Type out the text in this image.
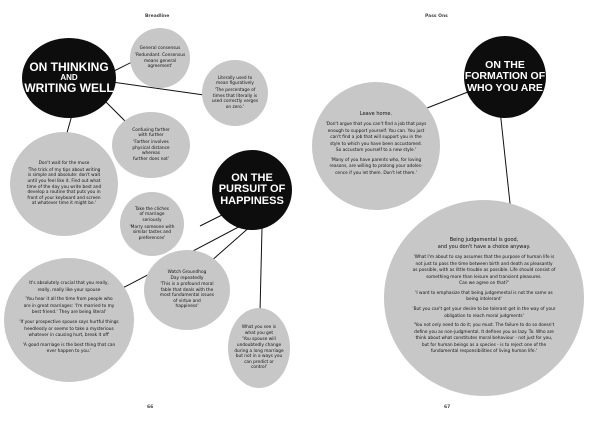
Breadline	Pass Ons
66	67
ON THINKING
AND
WRITING WELL
General consensus
'Redundant. Consensus
means general
agreement'
Literally used to
mean figuratively
'The percentage of
times that literally is
used correctly verges
on zero.'
Confusing farther
with further
'Farther involves
physical distance
whereas
further does not'
Don't wait for the muse
'The trick of my tips about writing
is simple and absolute: don't wait
until you feel like it. Find out what
time of the day you write best and
develop a routine that puts you in
front of your keyboard and screen
at whatever time it might be.'
ON THE
PURSUIT OF
HAPPINESS
Take the cliches
of marriage
seriously
'Marry someone with
similar tastes and
preferences'

It's absolutely crucial that you really,
really, really like your spouse

'You hear it all the time from people who
are in great marriages: 'I'm married to my
best friend.' They are being literal'

'If your prospective spouse says hurtful things
heedlessly or seems to take a mysterious
whatever in causing hurt, break it off'

'A good marriage is the best thing that can
ever happen to you.'

Watch Groundhog
Day repeatedly
'This is a profound moral
fable that deals with the
most fundamental issues
of virtue and
happiness'
What you see is
what you get
'You spouse will
undoubtedly change
during a long marriage
but not in a ways you
can predict or
control'
ON THE
FORMATION OF
WHO YOU ARE

Leave home.

'Don't argue that you can't find a job that pays
enough to support yourself. You can. You just
can't find a job that will support you in the
style to which you have been accustomed.
So accustom yourself to a new style.'

'Many of you have parents who, for loving
reasons, are willing to prolong your adoles-
cence if you let them. Don't let them.'

Being judgemental is good,
and you don't have a choice anyway.

'What I'm about to say assumes that the purpose of human life is
not just to pass the time between birth and death as pleasantly
as possible, with as little trouble as possible. Life should consist of
something more than leisure and transient pleasures.
Can we agree on that?'

'I want to emphasize that being judgemental is not the same as
being intolerant'

'But you can't get your desire to be tolerant get in the way of your
obligation to reach moral judgments'

'You not only need to do it; you must. The failure to do so doesn't
define you as non-judgmental. It defines you as lazy. To. Who are
think about what constitutes moral behaviour - not just for you,
but for human beings as a species - is to reject one of the
fundamental responsibilities of living human life.'
